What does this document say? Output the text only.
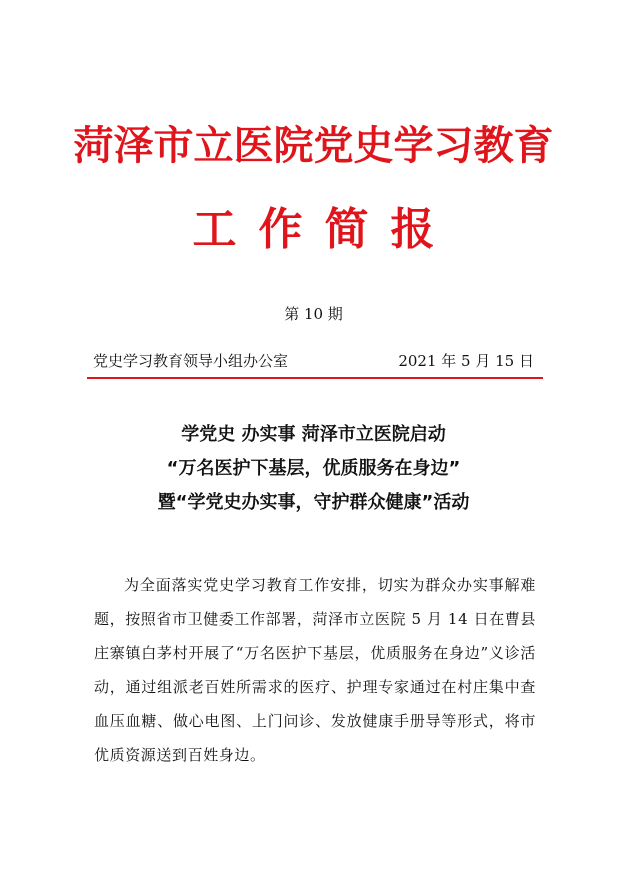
菏泽市立医院党史学习教育
工作简报
第 10 期
党史学习教育领导小组办公室	2021 年 5 月 15 日
学党史 办实事 菏泽市立医院启动
“万名医护下基层，优质服务在身边”
暨“学党史办实事，守护群众健康”活动

为全面落实党史学习教育工作安排，切实为群众办实事解难题，按照省市卫健委工作部署，菏泽市立医院 5 月 14 日在曹县庄寨镇白茅村开展了“万名医护下基层，优质服务在身边”义诊活动，通过组派老百姓所需求的医疗、护理专家通过在村庄集中查血压血糖、做心电图、上门问诊、发放健康手册导等形式，将市优质资源送到百姓身边。
